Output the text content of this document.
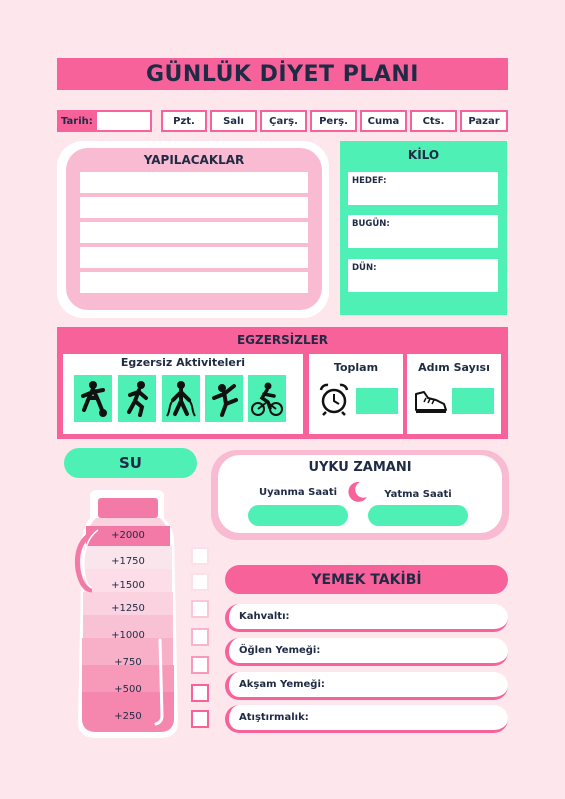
GÜNLÜK DİYET PLANI
Tarih:	Pzt.	Salı	Çarş.	Perş.	Cuma	Cts.	Pazar
YAPILACAKLAR	KİLO
HEDEF:
BUGÜN:
DÜN:
EGZERSİZLER
Egzersiz Aktiviteleri	Toplam	Adım Sayısı
SU
+2000
+1750
+1500
+1250
+1000
+750
+500
+250
UYKU ZAMANI
Uyanma Saati	Yatma Saati
YEMEK TAKİBİ
Kahvaltı:
Öğlen Yemeği:
Akşam Yemeği:
Atıştırmalık:
